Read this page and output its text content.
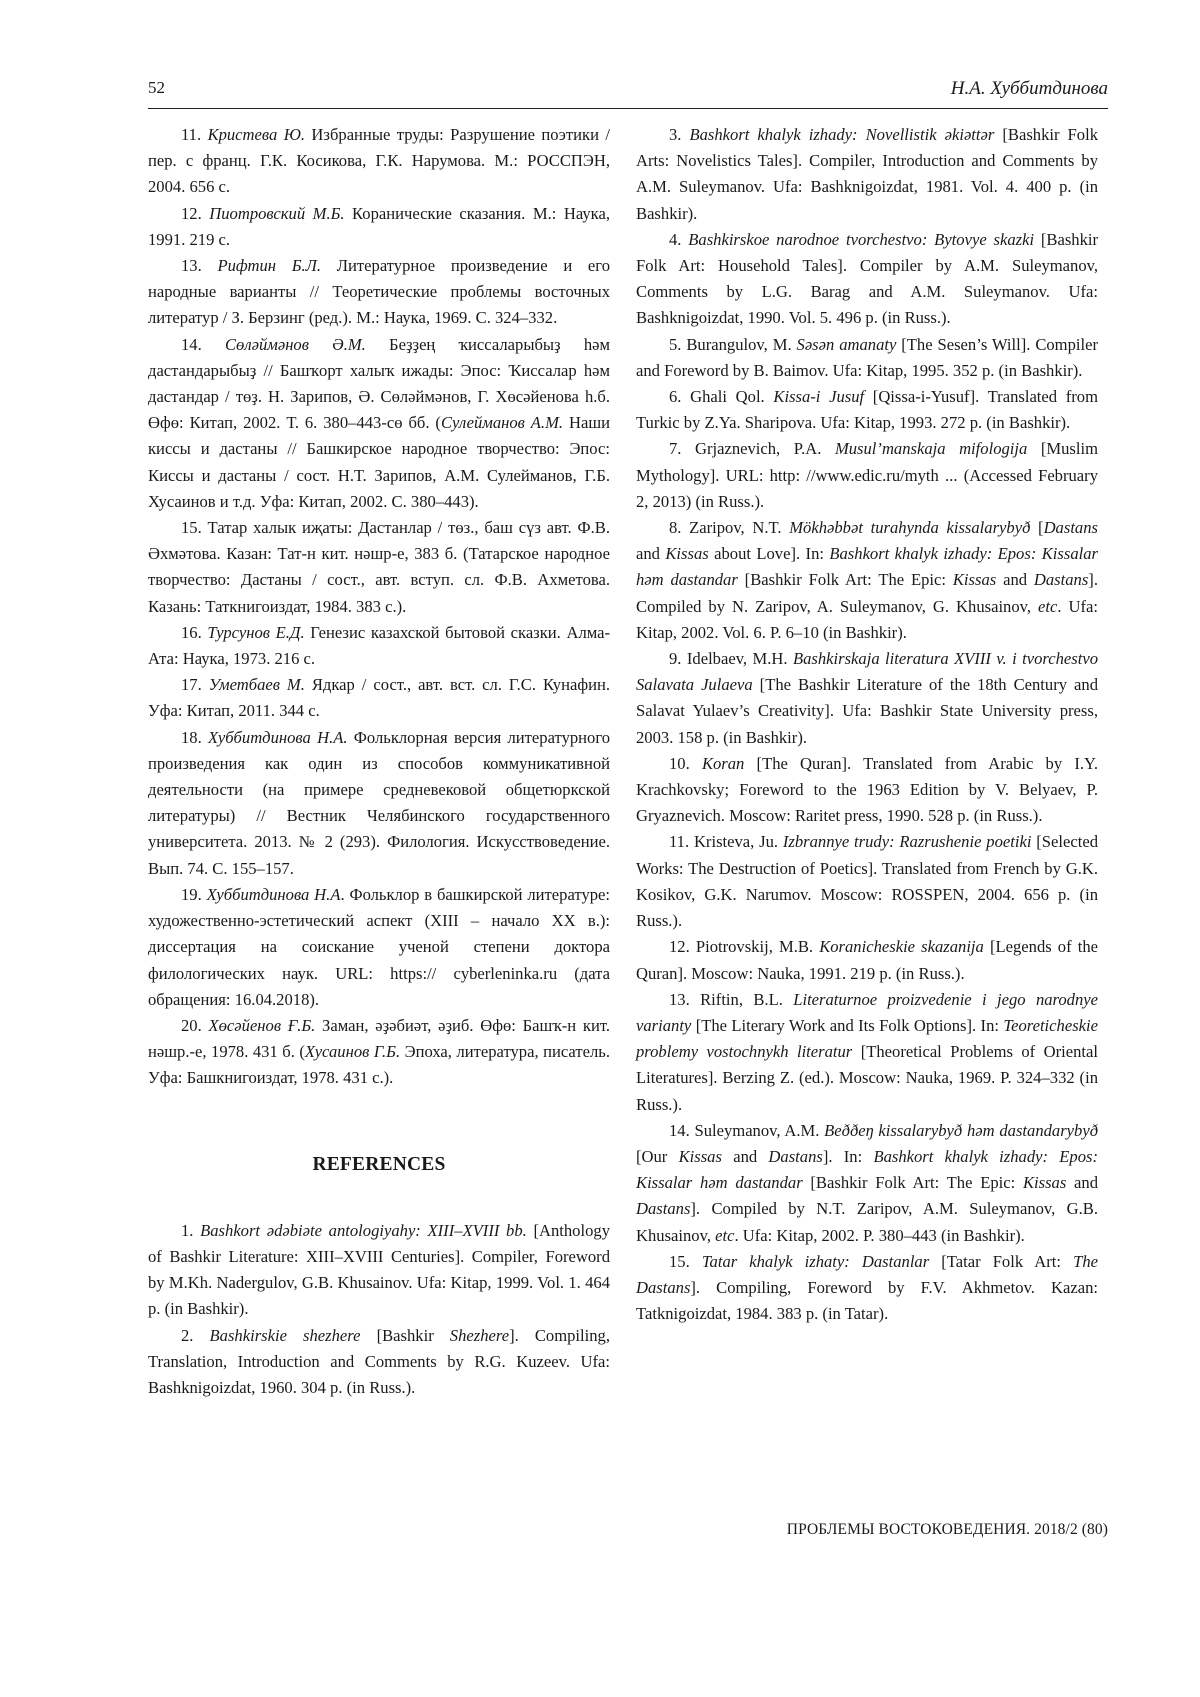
52	Н.А. Хуббитдинова

11. Кристева Ю. Избранные труды: Разрушение поэтики / пер. с франц. Г.К. Косикова, Г.К. Нарумова. М.: РОССПЭН, 2004. 656 с.

12. Пиотровский М.Б. Коранические сказания. М.: Наука, 1991. 219 с.

13. Рифтин Б.Л. Литературное произведение и его народные варианты // Теоретические проблемы восточных литератур / З. Берзинг (ред.). М.: Наука, 1969. С. 324–332.

14. Сөләймәнов Ә.М. Беҙҙең ҡиссаларыбыҙ һәм дастандарыбыҙ // Башҡорт халыҡ ижады: Эпос: Ҡиссалар һәм дастандар / төҙ. Н. Зарипов, Ә. Сөләймәнов, Г. Хөсәйенова һ.б. Өфө: Китап, 2002. Т. 6. 380–443-сө бб. (Сулейманов А.М. Наши киссы и дастаны // Башкирское народное творчество: Эпос: Киссы и дастаны / сост. Н.Т. Зарипов, А.М. Сулейманов, Г.Б. Хусаинов и т.д. Уфа: Китап, 2002. С. 380–443).

15. Татар халык иҗаты: Дастанлар / төз., баш сүз авт. Ф.В. Әхмәтова. Казан: Тат-н кит. нәшр-е, 383 б. (Татарское народное творчество: Дастаны / сост., авт. вступ. сл. Ф.В. Ахметова. Казань: Таткнигоиздат, 1984. 383 с.).

16. Турсунов Е.Д. Генезис казахской бытовой сказки. Алма-Ата: Наука, 1973. 216 с.

17. Уметбаев М. Ядкар / сост., авт. вст. сл. Г.С. Кунафин. Уфа: Китап, 2011. 344 с.

18. Хуббитдинова Н.А. Фольклорная версия литературного произведения как один из способов коммуникативной деятельности (на примере средневековой общетюркской литературы) // Вестник Челябинского государственного университета. 2013. № 2 (293). Филология. Искусствоведение. Вып. 74. С. 155–157.

19. Хуббитдинова Н.А. Фольклор в башкирской литературе: художественно-эстетический аспект (XIII – начало XX в.): диссертация на соискание ученой степени доктора филологических наук. URL: https:// cyberleninka.ru (дата обращения: 16.04.2018).

20. Хөсәйенов Ғ.Б. Заман, әҙәбиәт, әҙиб. Өфө: Башҡ-н кит. нәшр.-е, 1978. 431 б. (Хусаинов Г.Б. Эпоха, литература, писатель. Уфа: Башкнигоиздат, 1978. 431 с.).

REFERENCES

1. Bashkort ədəbiəte antologiyahy: XIII–XVIII bb. [Anthology of Bashkir Literature: XIII–XVIII Centuries]. Compiler, Foreword by M.Kh. Nadergulov, G.B. Khusainov. Ufa: Kitap, 1999. Vol. 1. 464 p. (in Bashkir).

2. Bashkirskie shezhere [Bashkir Shezhere]. Compiling, Translation, Introduction and Comments by R.G. Kuzeev. Ufa: Bashknigoizdat, 1960. 304 p. (in Russ.).

3. Bashkort khalyk izhady: Novellistik əkiəttər [Bashkir Folk Arts: Novelistics Tales]. Compiler, Introduction and Comments by A.M. Suleymanov. Ufa: Bashknigoizdat, 1981. Vol. 4. 400 p. (in Bashkir).

4. Bashkirskoe narodnoe tvorchestvo: Bytovye skazki [Bashkir Folk Art: Household Tales]. Compiler by A.M. Suleymanov, Comments by L.G. Barag and A.M. Suleymanov. Ufa: Bashknigoizdat, 1990. Vol. 5. 496 p. (in Russ.).

5. Burangulov, M. Səsən amanaty [The Sesen’s Will]. Compiler and Foreword by B. Baimov. Ufa: Kitap, 1995. 352 p. (in Bashkir).

6. Ghali Qol. Kissa-i Jusuf [Qissa-i-Yusuf]. Translated from Turkic by Z.Ya. Sharipova. Ufa: Kitap, 1993. 272 p. (in Bashkir).

7. Grjaznevich, P.A. Musul’manskaja mifologija [Muslim Mythology]. URL: http: //www.edic.ru/myth ... (Accessed February 2, 2013) (in Russ.).

8. Zaripov, N.T. Mökhəbbət turahynda kissalarybyð [Dastans and Kissas about Love]. In: Bashkort khalyk izhady: Epos: Kissalar həm dastandar [Bashkir Folk Art: The Epic: Kissas and Dastans]. Compiled by N. Zaripov, A. Suleymanov, G. Khusainov, etc. Ufa: Kitap, 2002. Vol. 6. P. 6–10 (in Bashkir).

9. Idelbaev, M.H. Bashkirskaja literatura XVIII v. i tvorchestvo Salavata Julaeva [The Bashkir Literature of the 18th Century and Salavat Yulaev’s Creativity]. Ufa: Bashkir State University press, 2003. 158 p. (in Bashkir).

10. Koran [The Quran]. Translated from Arabic by I.Y. Krachkovsky; Foreword to the 1963 Edition by V. Belyaev, P. Gryaznevich. Moscow: Raritet press, 1990. 528 p. (in Russ.).

11. Kristeva, Ju. Izbrannye trudy: Razrushenie poetiki [Selected Works: The Destruction of Poetics]. Translated from French by G.K. Kosikov, G.K. Narumov. Moscow: ROSSPEN, 2004. 656 p. (in Russ.).

12. Piotrovskij, M.B. Koranicheskie skazanija [Legends of the Quran]. Moscow: Nauka, 1991. 219 p. (in Russ.).

13. Riftin, B.L. Literaturnoe proizvedenie i jego narodnye varianty [The Literary Work and Its Folk Options]. In: Teoreticheskie problemy vostochnykh literatur [Theoretical Problems of Oriental Literatures]. Berzing Z. (ed.). Moscow: Nauka, 1969. P. 324–332 (in Russ.).

14. Suleymanov, A.M. Beððeŋ kissalarybyð həm dastandarybyð [Our Kissas and Dastans]. In: Bashkort khalyk izhady: Epos: Kissalar həm dastandar [Bashkir Folk Art: The Epic: Kissas and Dastans]. Compiled by N.T. Zaripov, A.M. Suleymanov, G.B. Khusainov, etc. Ufa: Kitap, 2002. P. 380–443 (in Bashkir).

15. Tatar khalyk izhaty: Dastanlar [Tatar Folk Art: The Dastans]. Compiling, Foreword by F.V. Akhmetov. Kazan: Tatknigoizdat, 1984. 383 p. (in Tatar).

ПРОБЛЕМЫ ВОСТОКОВЕДЕНИЯ. 2018/2 (80)
